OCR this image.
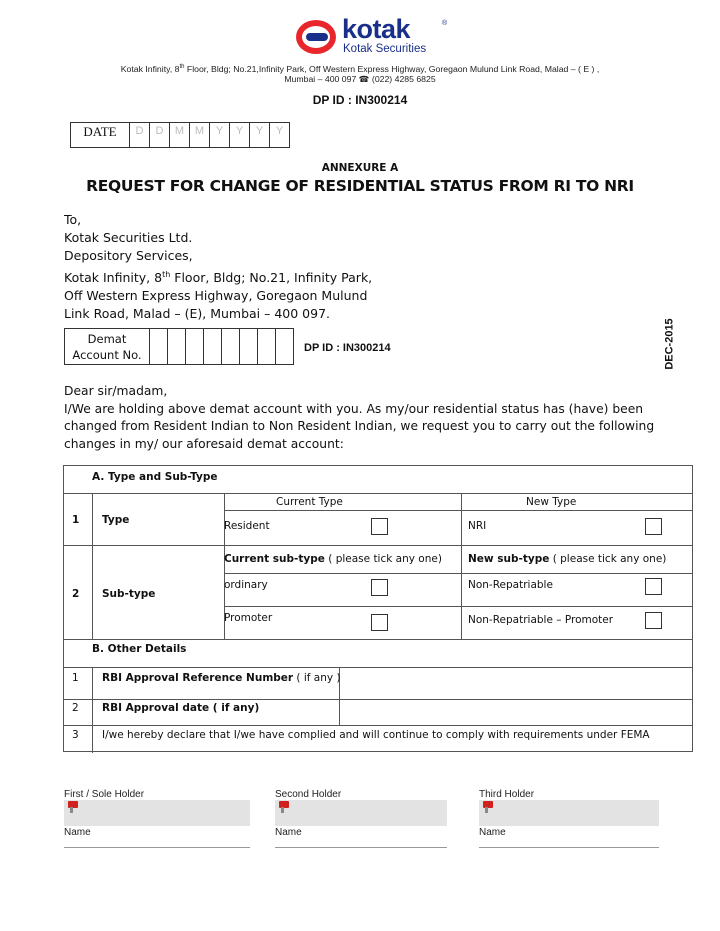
kotak	®
Kotak Securities
Kotak Infinity, 8th Floor, Bldg; No.21,Infinity Park, Off Western Express Highway, Goregaon Mulund Link Road, Malad – ( E ) ,
Mumbai – 400 097 ☎ (022) 4285 6825
DP ID : IN300214
DATE	D	D	M	M	Y	Y	Y	Y
ANNEXURE A
REQUEST FOR CHANGE OF RESIDENTIAL STATUS FROM RI TO NRI
To,
Kotak Securities Ltd.
Depository Services,
Kotak Infinity, 8th Floor, Bldg; No.21, Infinity Park,
Off Western Express Highway, Goregaon Mulund
Link Road, Malad – (E), Mumbai – 400 097.
DEC-2015
Demat
Account No.									DP ID : IN300214
Dear sir/madam,
I/We are holding above demat account with you. As my/our residential status has (have) been changed from Resident Indian to Non Resident Indian, we request you to carry out the following changes in my/ our aforesaid demat account:
A. Type and Sub-Type
Current Type	New Type
1 Type	Resident	NRI
Current sub-type ( please tick any one) New sub-type ( please tick any one)
2 Sub-type
ordinary	Non-Repatriable
Promoter	Non-Repatriable – Promoter
B. Other Details
1 RBI Approval Reference Number ( if any )
2 RBI Approval date ( if any)
3 I/we hereby declare that I/we have complied and will continue to comply with requirements under FEMA
First / Sole Holder	Second Holder	Third Holder
Name	Name	Name
